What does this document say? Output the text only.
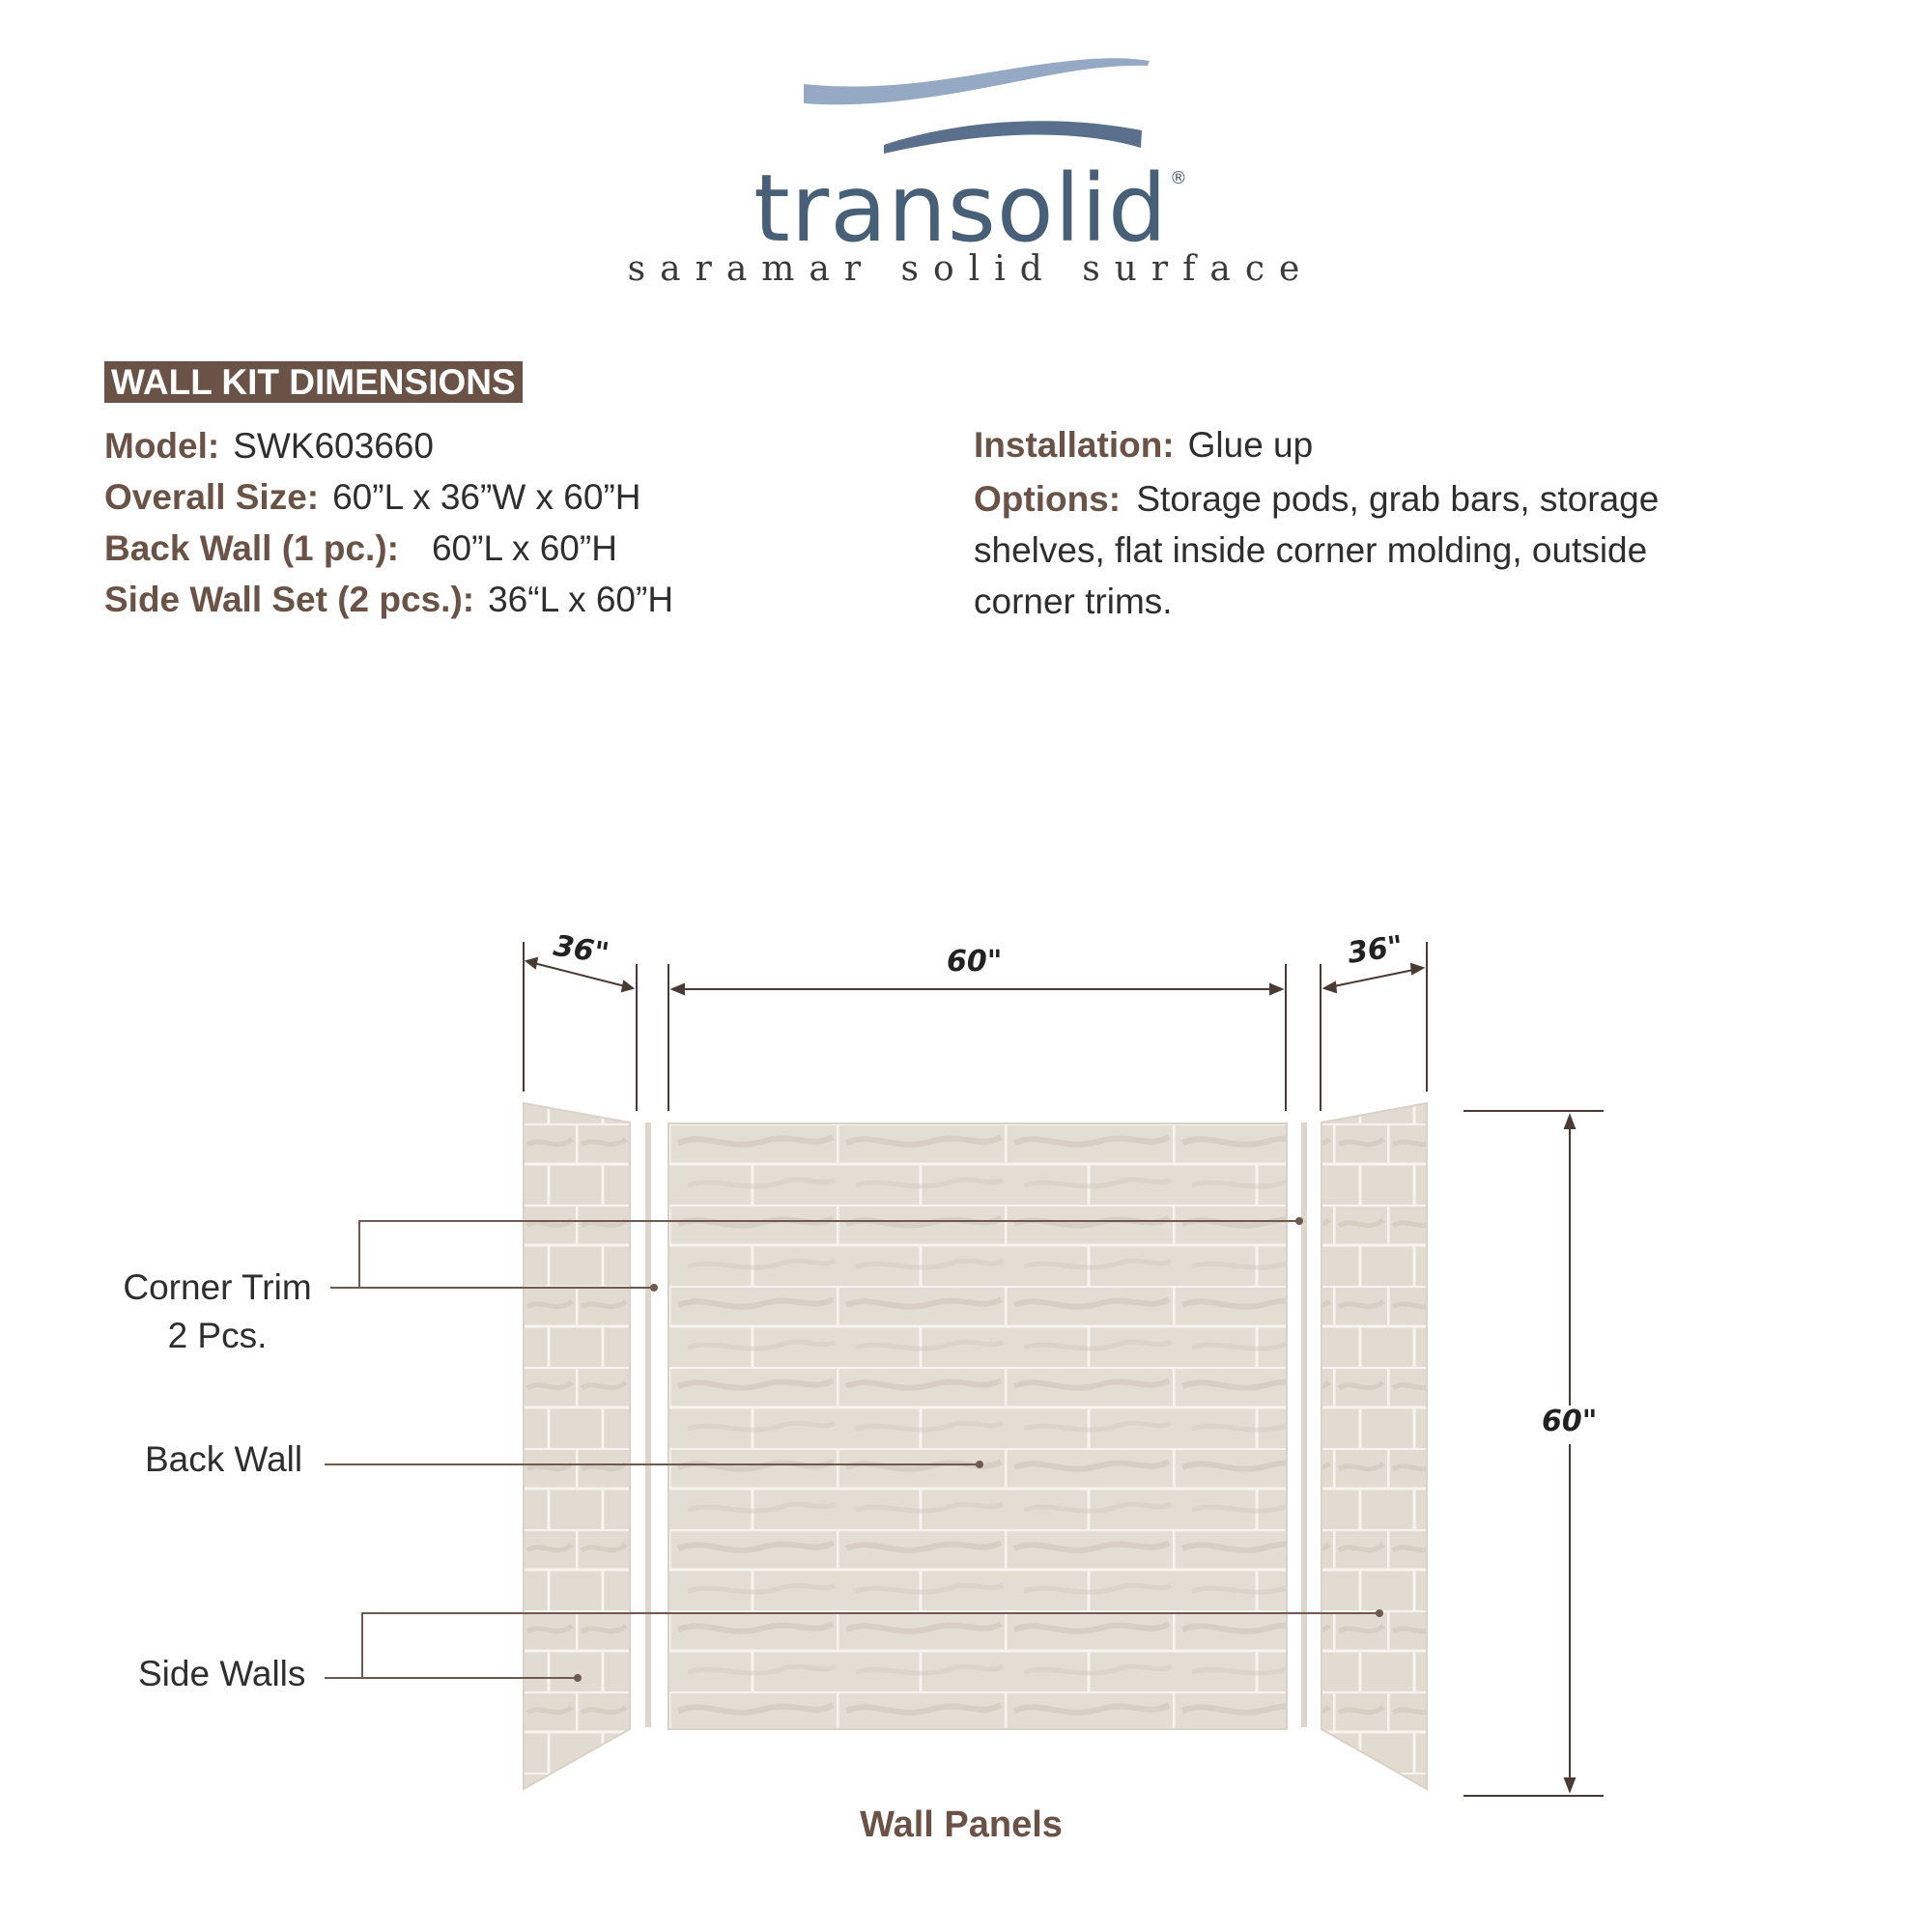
transolid ®
saramar solid surface
WALL KIT DIMENSIONS
Model: SWK603660
Overall Size: 60”L x 36”W x 60”H
Back Wall (1 pc.): 60”L x 60”H
Side Wall Set (2 pcs.): 36“L x 60”H
Installation: Glue up
Options: Storage pods, grab bars, storage shelves, flat inside corner molding, outside corner trims.
36"	60"	36"
60"
Corner Trim
2 Pcs.
Back Wall
Side Walls
Wall Panels
